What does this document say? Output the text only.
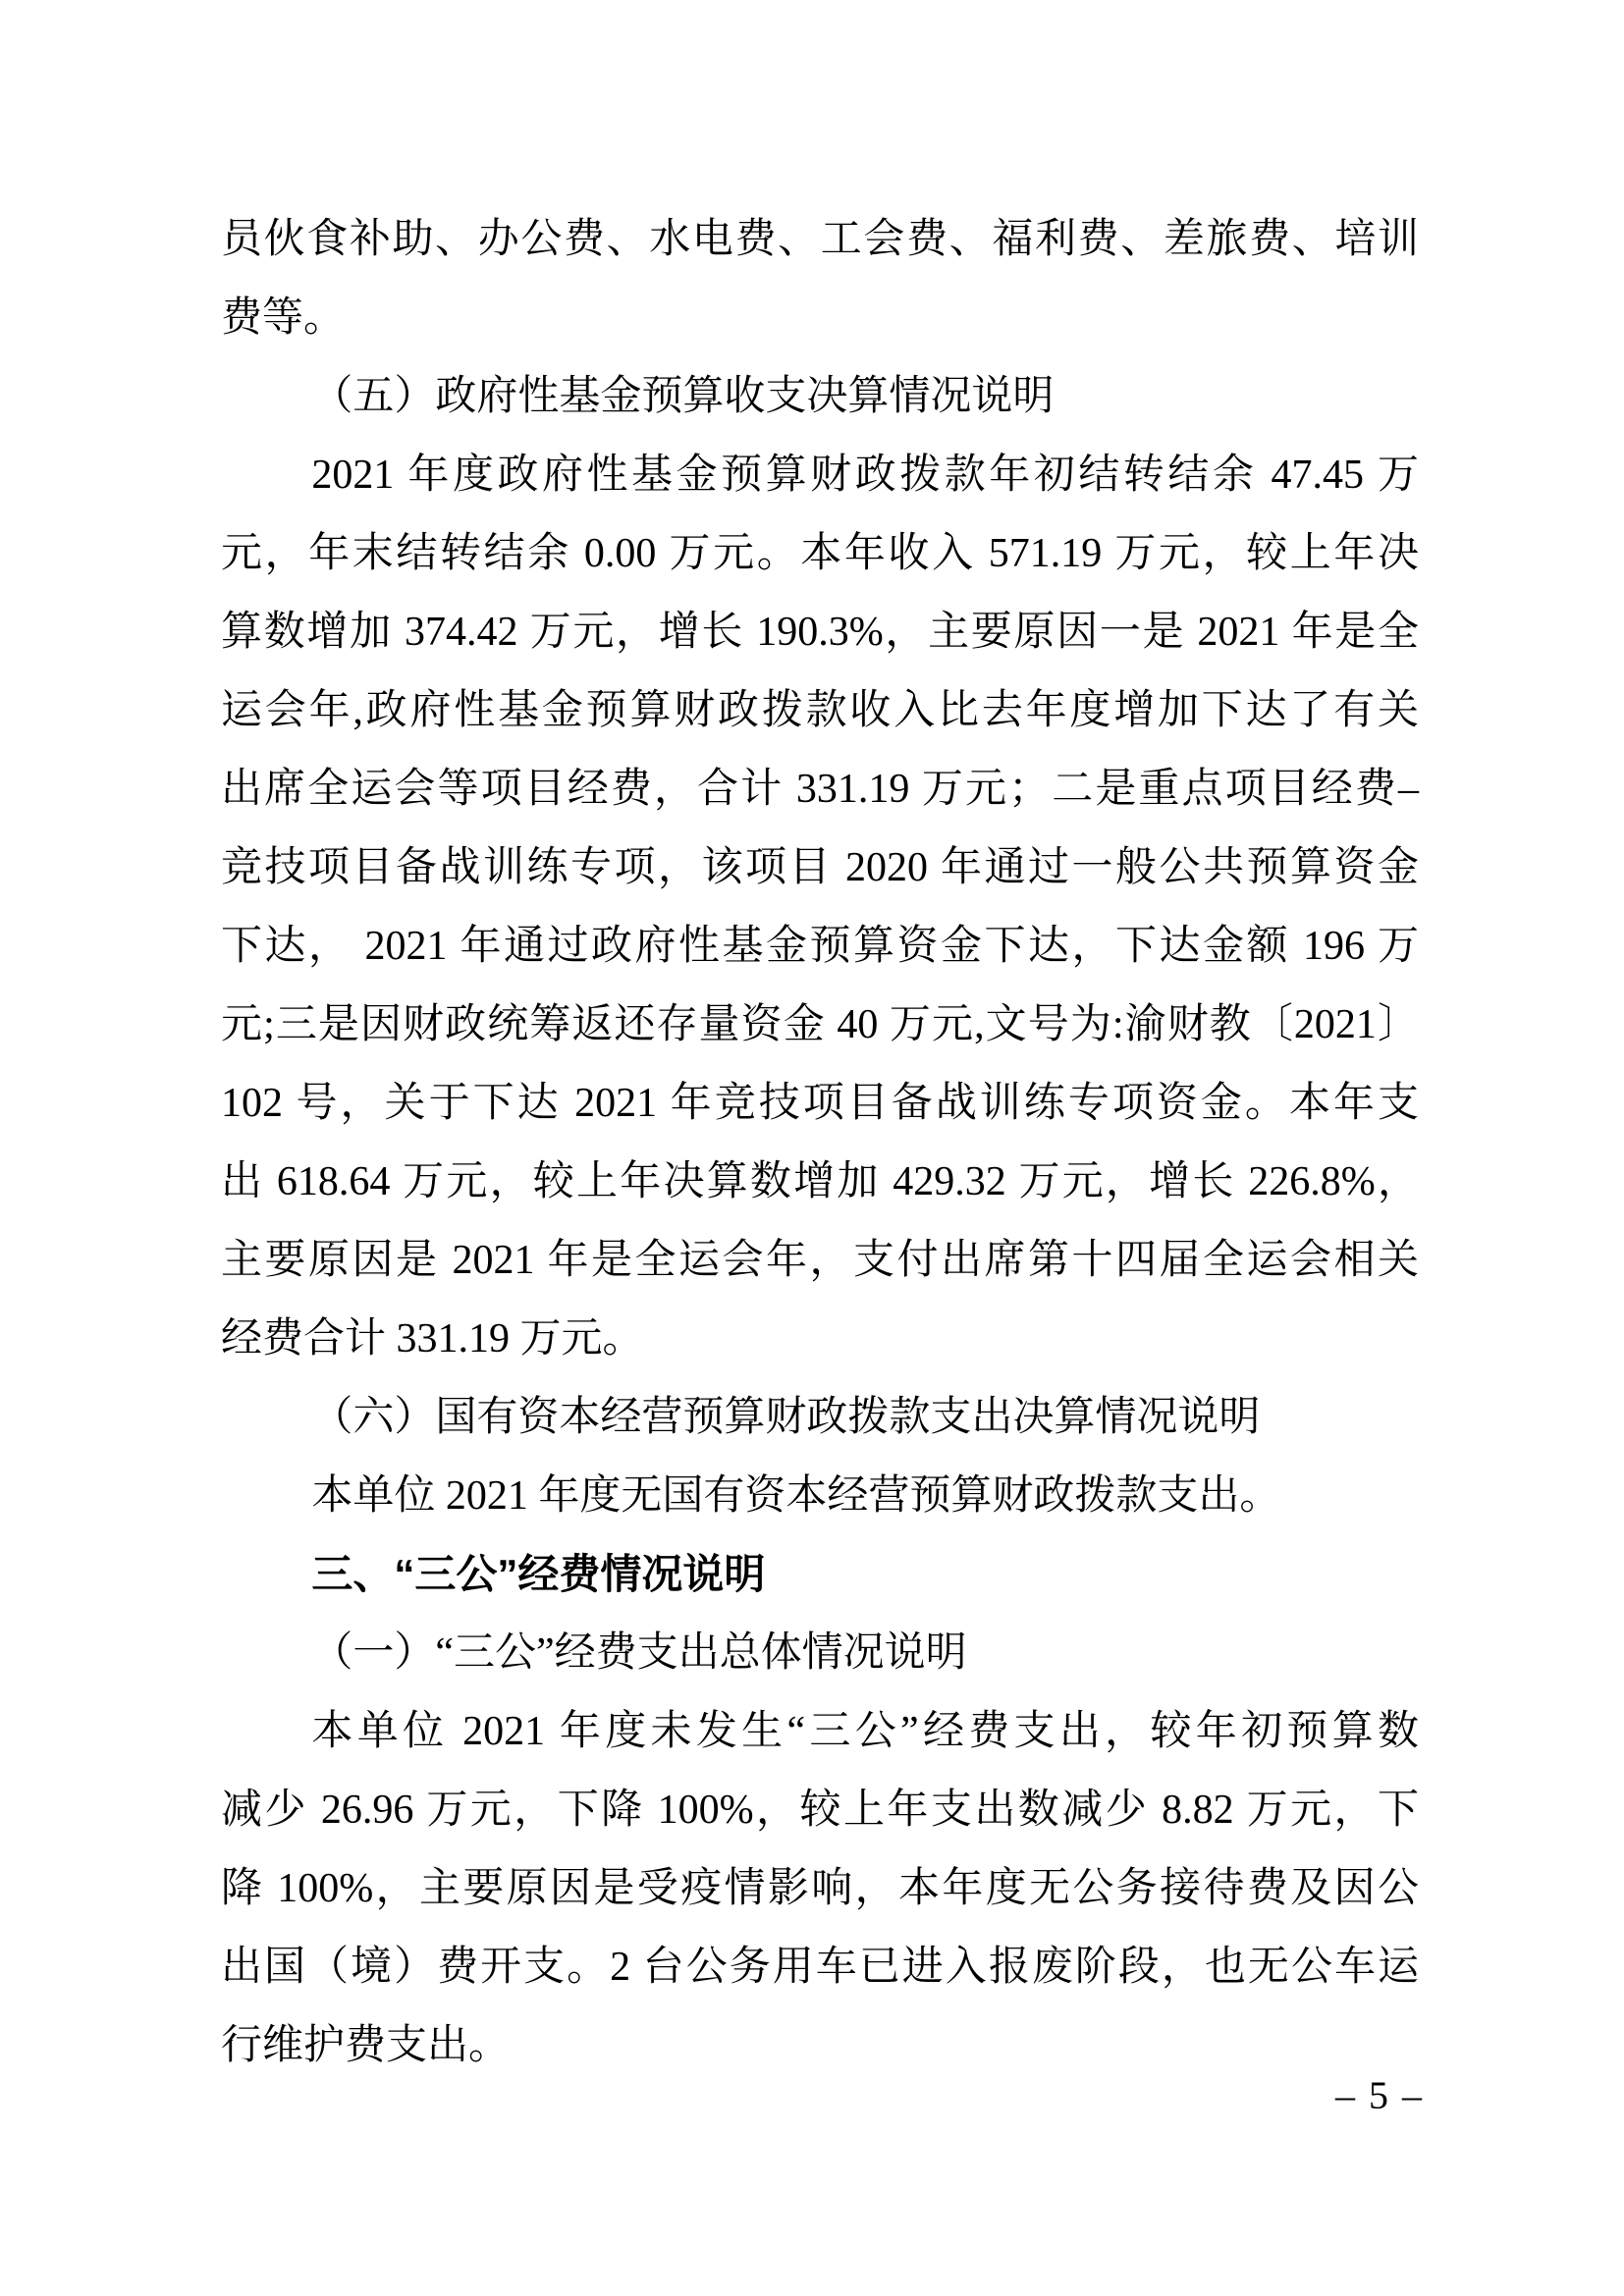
员伙食补助、办公费、水电费、工会费、福利费、差旅费、培训
费等。
（五）政府性基金预算收支决算情况说明
2021 年度政府性基金预算财政拨款年初结转结余 47.45 万
元，年末结转结余 0.00 万元。本年收入 571.19 万元，较上年决
算数增加 374.42 万元，增长 190.3%，主要原因一是 2021 年是全
运会年,政府性基金预算财政拨款收入比去年度增加下达了有关
出席全运会等项目经费，合计 331.19 万元；二是重点项目经费–
竞技项目备战训练专项，该项目 2020 年通过一般公共预算资金
下达， 2021 年通过政府性基金预算资金下达，下达金额 196 万
元;三是因财政统筹返还存量资金 40 万元,文号为:渝财教〔2021〕
102 号，关于下达 2021 年竞技项目备战训练专项资金。本年支
出 618.64 万元，较上年决算数增加 429.32 万元，增长 226.8%，
主要原因是 2021 年是全运会年，支付出席第十四届全运会相关
经费合计 331.19 万元。
（六）国有资本经营预算财政拨款支出决算情况说明
本单位 2021 年度无国有资本经营预算财政拨款支出。
三、“三公”经费情况说明
（一）“三公”经费支出总体情况说明
本单位 2021 年度未发生“三公”经费支出，较年初预算数
减少 26.96 万元，下降 100%，较上年支出数减少 8.82 万元，下
降 100%，主要原因是受疫情影响，本年度无公务接待费及因公
出国（境）费开支。2 台公务用车已进入报废阶段，也无公车运
行维护费支出。
– 5 –
